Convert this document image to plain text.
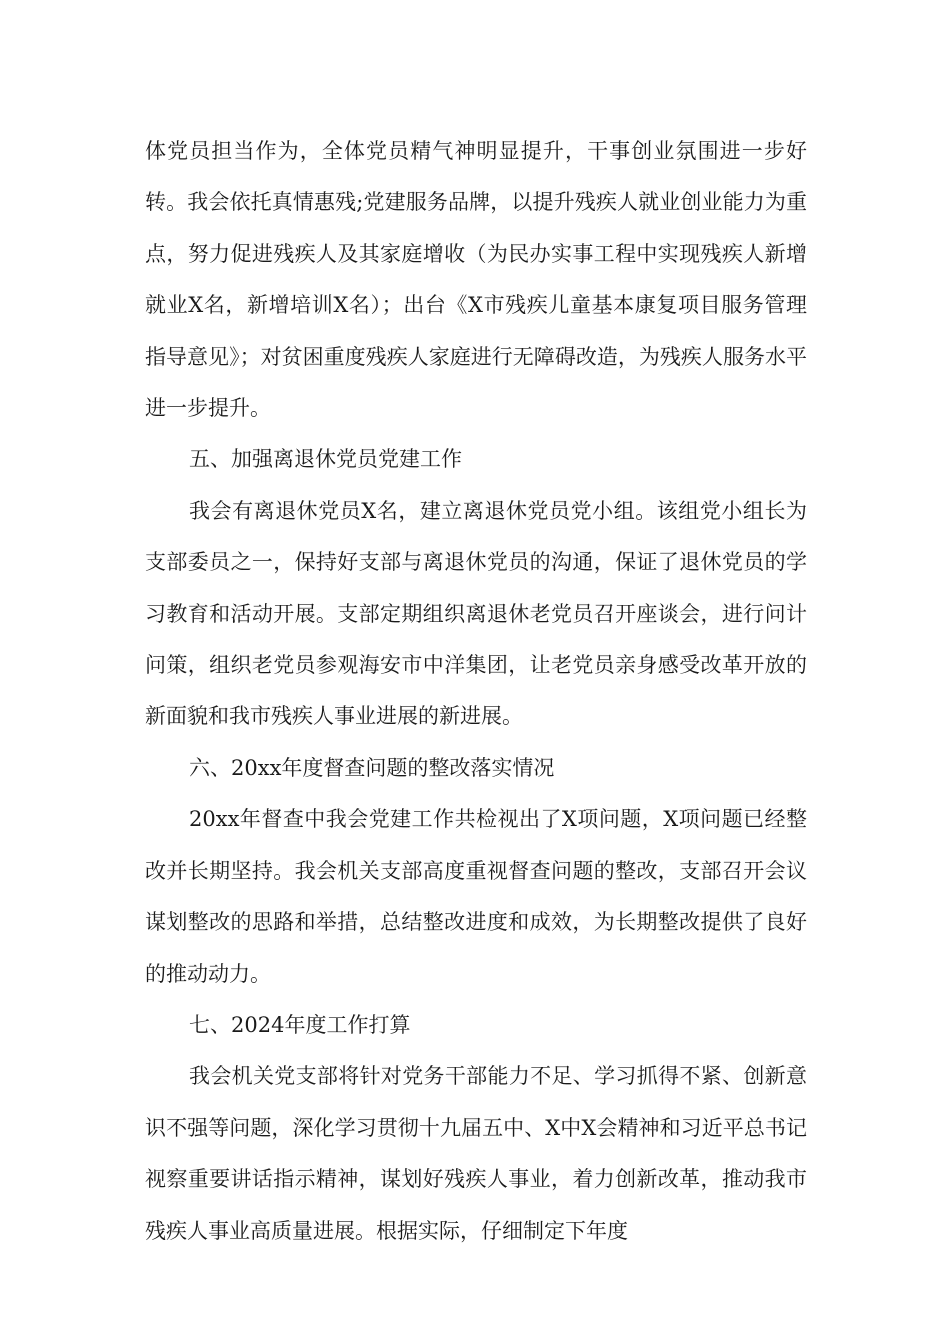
体党员担当作为，全体党员精气神明显提升，干事创业氛围进一步好转。我会依托真情惠残;党建服务品牌，以提升残疾人就业创业能力为重点，努力促进残疾人及其家庭增收（为民办实事工程中实现残疾人新增就业X名，新增培训X名）；出台《X市残疾儿童基本康复项目服务管理指导意见》；对贫困重度残疾人家庭进行无障碍改造，为残疾人服务水平进一步提升。

五、加强离退休党员党建工作

我会有离退休党员X名，建立离退休党员党小组。该组党小组长为支部委员之一，保持好支部与离退休党员的沟通，保证了退休党员的学习教育和活动开展。支部定期组织离退休老党员召开座谈会，进行问计问策，组织老党员参观海安市中洋集团，让老党员亲身感受改革开放的新面貌和我市残疾人事业进展的新进展。

六、20xx年度督查问题的整改落实情况

20xx年督查中我会党建工作共检视出了X项问题，X项问题已经整改并长期坚持。我会机关支部高度重视督查问题的整改，支部召开会议谋划整改的思路和举措，总结整改进度和成效，为长期整改提供了良好的推动动力。

七、2024年度工作打算

我会机关党支部将针对党务干部能力不足、学习抓得不紧、创新意识不强等问题，深化学习贯彻十九届五中、X中X会精神和习近平总书记视察重要讲话指示精神，谋划好残疾人事业，着力创新改革，推动我市残疾人事业高质量进展。根据实际，仔细制定下年度
